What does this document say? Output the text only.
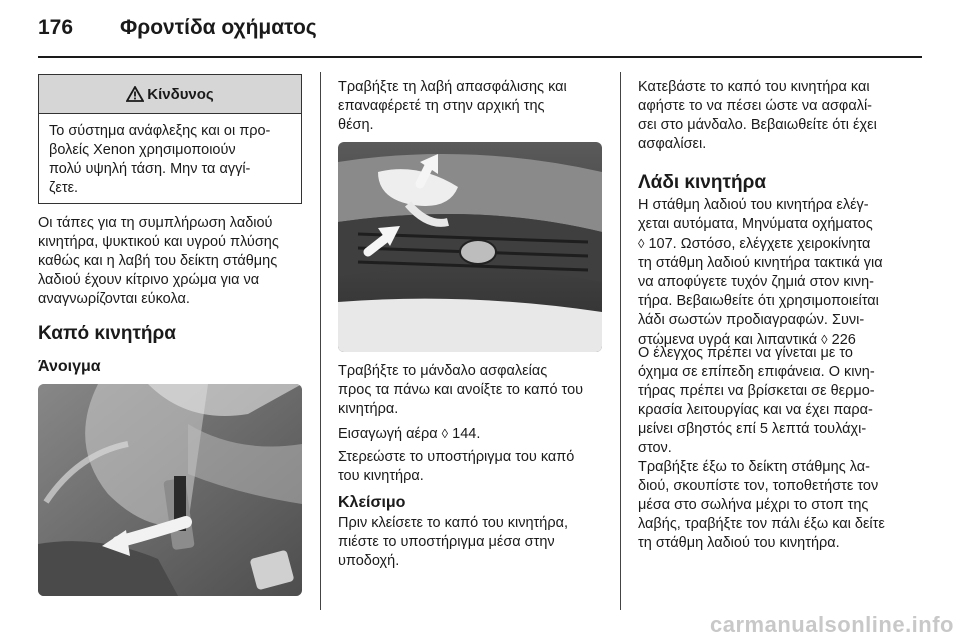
176 Φροντίδα οχήματος
Κίνδυνος
Το σύστημα ανάφλεξης και οι προ-
βολείς Xenon χρησιμοποιούν
πολύ υψηλή τάση. Μην τα αγγί-
ζετε.
Οι τάπες για τη συμπλήρωση λαδιού
κινητήρα, ψυκτικού και υγρού πλύσης
καθώς και η λαβή του δείκτη στάθμης
λαδιού έχουν κίτρινο χρώμα για να
αναγνωρίζονται εύκολα.
Καπό κινητήρα
Άνοιγμα
Τραβήξτε τη λαβή απασφάλισης και
επαναφέρετέ τη στην αρχική της
θέση.
Τραβήξτε το μάνδαλο ασφαλείας
προς τα πάνω και ανοίξτε το καπό του
κινητήρα.
Εισαγωγή αέρα ◊ 144.
Στερεώστε το υποστήριγμα του καπό
του κινητήρα.
Κλείσιμο
Πριν κλείσετε το καπό του κινητήρα,
πιέστε το υποστήριγμα μέσα στην
υποδοχή.
Κατεβάστε το καπό του κινητήρα και
αφήστε το να πέσει ώστε να ασφαλί-
σει στο μάνδαλο. Βεβαιωθείτε ότι έχει
ασφαλίσει.
Λάδι κινητήρα
Η στάθμη λαδιού του κινητήρα ελέγ-
χεται αυτόματα, Μηνύματα οχήματος
◊ 107. Ωστόσο, ελέγχετε χειροκίνητα
τη στάθμη λαδιού κινητήρα τακτικά για
να αποφύγετε τυχόν ζημιά στον κινη-
τήρα. Βεβαιωθείτε ότι χρησιμοποιείται
λάδι σωστών προδιαγραφών. Συνι-
στώμενα υγρά και λιπαντικά ◊ 226
Ο έλεγχος πρέπει να γίνεται με το
όχημα σε επίπεδη επιφάνεια. Ο κινη-
τήρας πρέπει να βρίσκεται σε θερμο-
κρασία λειτουργίας και να έχει παρα-
μείνει σβηστός επί 5 λεπτά τουλάχι-
στον.
Τραβήξτε έξω το δείκτη στάθμης λα-
διού, σκουπίστε τον, τοποθετήστε τον
μέσα στο σωλήνα μέχρι το στοπ της
λαβής, τραβήξτε τον πάλι έξω και δείτε
τη στάθμη λαδιού του κινητήρα.
carmanualsonline.info
